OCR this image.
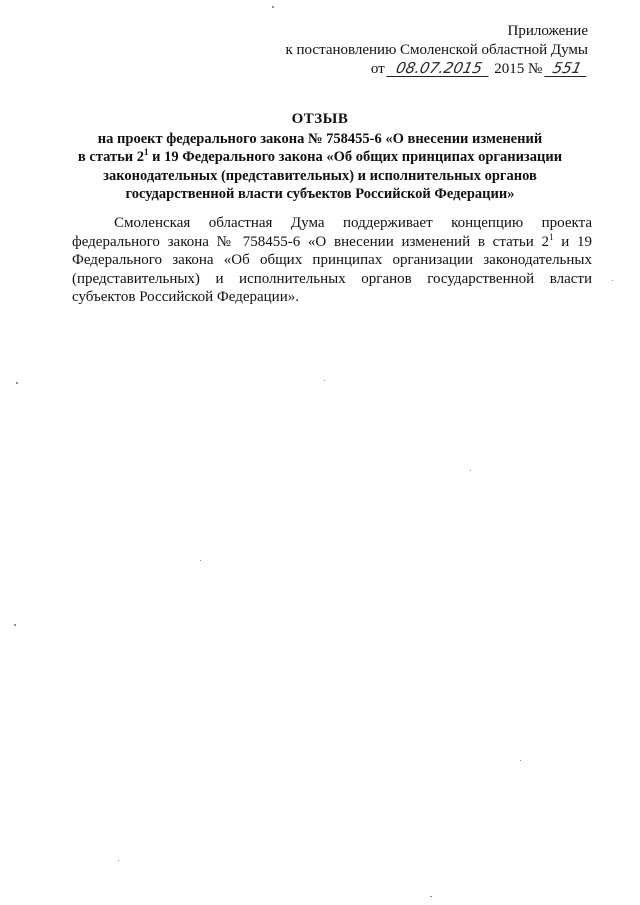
Приложение
к постановлению Смоленской областной Думы
от 08.07.2015 2015 № 551
ОТЗЫВ
на проект федерального закона № 758455-6 «О внесении изменений
в статьи $2^1$ и 19 Федерального закона «Об общих принципах организации
законодательных (представительных) и исполнительных органов
государственной власти субъектов Российской Федерации»

Смоленская областная Дума поддерживает концепцию проекта федерального закона № 758455-6 «О внесении изменений в статьи $2^1$ и 19 Федерального закона «Об общих принципах организации законодательных (представительных) и исполнительных органов государственной власти субъектов Российской Федерации».
